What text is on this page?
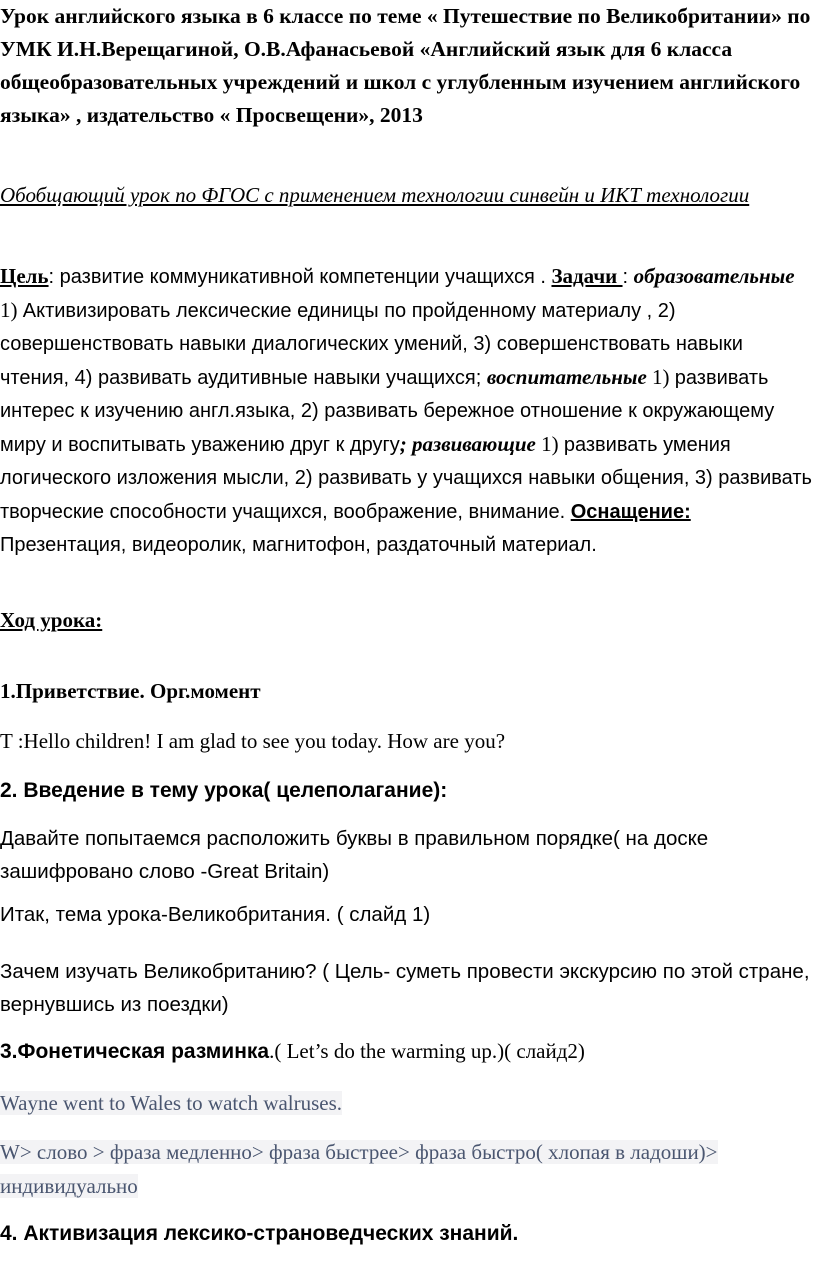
Урок английского языка в 6 классе по теме « Путешествие по Великобритании» по УМК И.Н.Верещагиной, О.В.Афанасьевой «Английский язык для 6 класса общеобразовательных учреждений и школ с углубленным изучением английского языка» , издательство « Просвещени», 2013
Обобщающий урок по ФГОС с применением технологии синвейн и ИКТ технологии
Цель: развитие коммуникативной компетенции учащихся . Задачи : образовательные 1) Активизировать лексические единицы по пройденному материалу , 2) совершенствовать навыки диалогических умений, 3) совершенствовать навыки чтения, 4) развивать аудитивные навыки учащихся; воспитательные 1) развивать интерес к изучению англ.языка, 2) развивать бережное отношение к окружающему миру и воспитывать уважению друг к другу; развивающие 1) развивать умения логического изложения мысли, 2) развивать у учащихся навыки общения, 3) развивать творческие способности учащихся, воображение, внимание. Оснащение: Презентация, видеоролик, магнитофон, раздаточный материал.
Ход урока:
1.Приветствие. Орг.момент
T :Hello children! I am glad to see you today. How are you?
2. Введение в тему урока( целеполагание):
Давайте попытаемся расположить буквы в правильном порядке( на доске зашифровано слово -Great Britain)
Итак, тема урока-Великобритания. ( слайд 1)
Зачем изучать Великобританию? ( Цель- суметь провести экскурсию по этой стране, вернувшись из поездки)
3.Фонетическая разминка.( Let’s do the warming up.)( слайд2)
Wayne went to Wales to watch walruses.
W> слово > фраза медленно> фраза быстрее> фраза быстро( хлопая в ладоши)> индивидуально
4. Активизация лексико-страноведческих знаний.
